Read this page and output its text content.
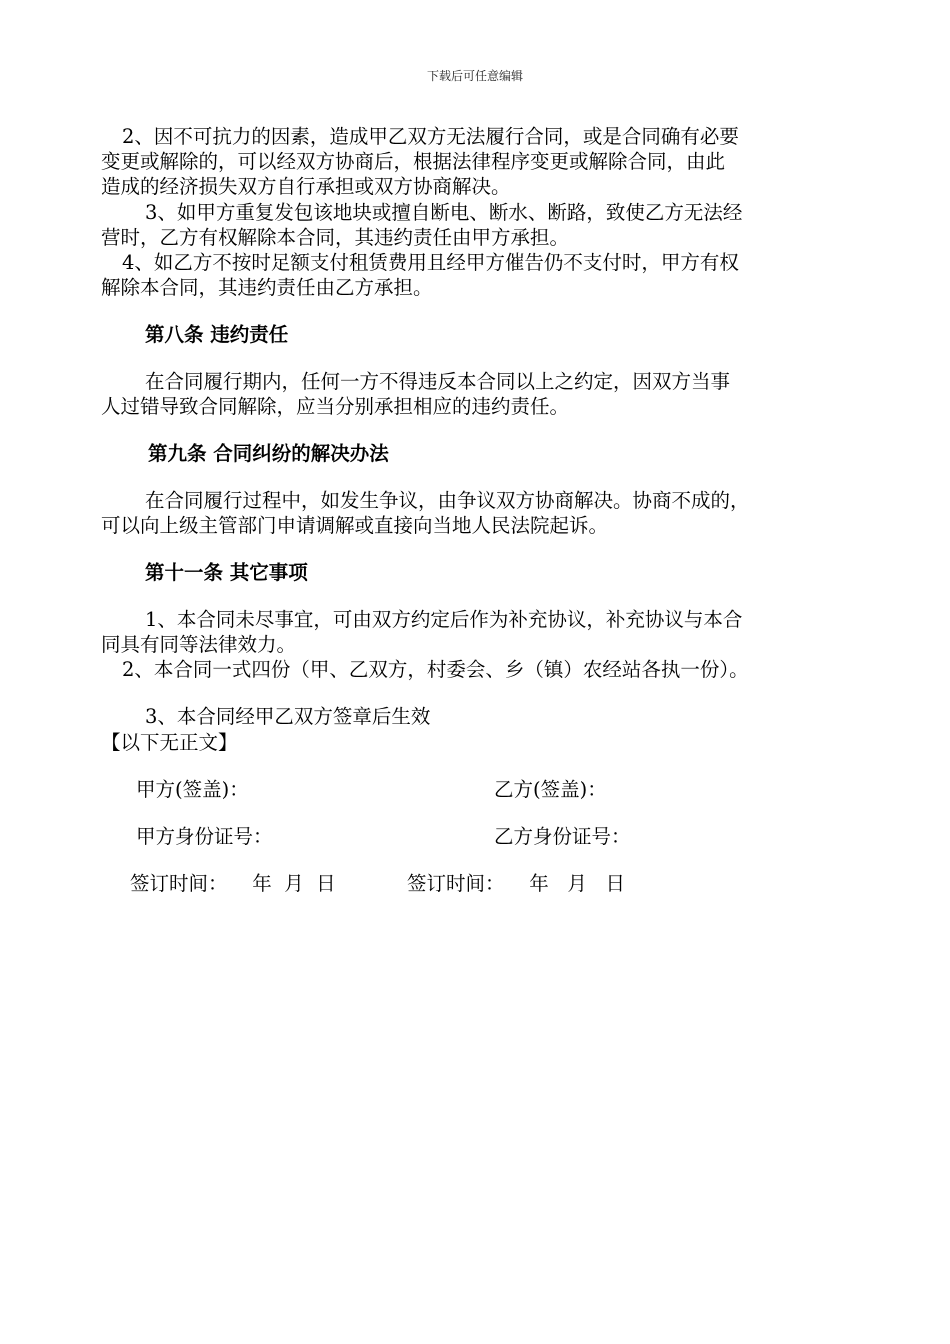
下载后可任意编辑
2、因不可抗力的因素，造成甲乙双方无法履行合同，或是合同确有必要
变更或解除的，可以经双方协商后，根据法律程序变更或解除合同，由此
造成的经济损失双方自行承担或双方协商解决。
3、如甲方重复发包该地块或擅自断电、断水、断路，致使乙方无法经
营时，乙方有权解除本合同，其违约责任由甲方承担。
4、如乙方不按时足额支付租赁费用且经甲方催告仍不支付时，甲方有权
解除本合同，其违约责任由乙方承担。
第八条 违约责任
在合同履行期内，任何一方不得违反本合同以上之约定，因双方当事
人过错导致合同解除，应当分别承担相应的违约责任。
第九条 合同纠纷的解决办法
在合同履行过程中，如发生争议，由争议双方协商解决。协商不成的，
可以向上级主管部门申请调解或直接向当地人民法院起诉。
第十一条 其它事项
1、本合同未尽事宜，可由双方约定后作为补充协议，补充协议与本合
同具有同等法律效力。
2、本合同一式四份（甲、乙双方，村委会、乡（镇）农经站各执一份）。
3、本合同经甲乙双方签章后生效
【以下无正文】
甲方(签盖)：	乙方(签盖)：
甲方身份证号：	乙方身份证号：
签订时间：    年  月  日	签订时间：    年   月   日
